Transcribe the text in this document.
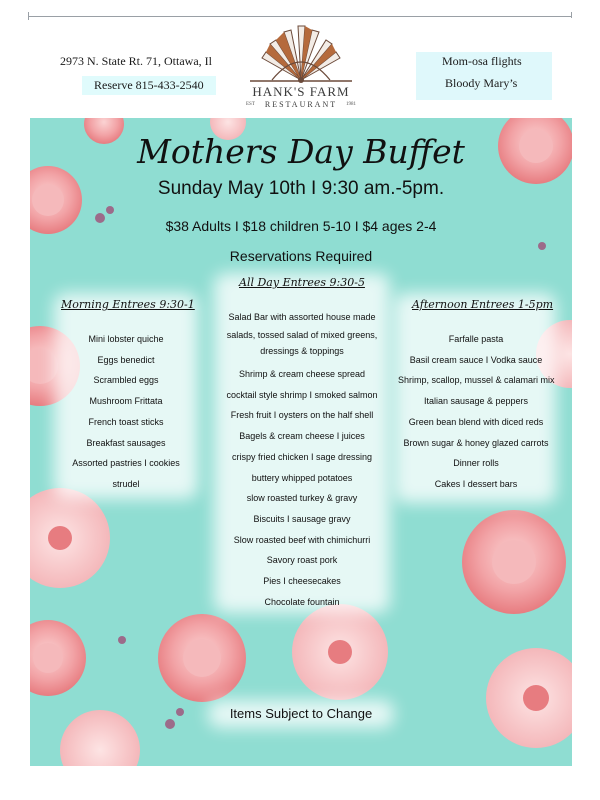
2973 N. State Rt. 71, Ottawa, Il
Reserve 815-433-2540	HANK'S FARM
EST	RESTAURANT	1981
Mom-osa flights
Bloody Mary’s
Mothers Day Buffet
Sunday May 10th I 9:30 am.-5pm.
$38 Adults I $18 children 5-10 I $4 ages 2-4
Reservations Required
All Day Entrees 9:30-5
Salad Bar with assorted house made
salads, tossed salad of mixed greens,
dressings & toppings
Shrimp & cream cheese spread
cocktail style shrimp I smoked salmon
Fresh fruit I oysters on the half shell
Bagels & cream cheese I juices
crispy fried chicken I sage dressing
buttery whipped potatoes
slow roasted turkey & gravy
Biscuits I sausage gravy
Slow roasted beef with chimichurri
Savory roast pork
Pies I cheesecakes
Chocolate fountain
Morning Entrees 9:30-1
Mini lobster quiche
Eggs benedict
Scrambled eggs
Mushroom Frittata
French toast sticks
Breakfast sausages
Assorted pastries I cookies
strudel
Afternoon Entrees 1-5pm
Farfalle pasta
Basil cream sauce I Vodka sauce
Shrimp, scallop, mussel & calamari mix
Italian sausage & peppers
Green bean blend with diced reds
Brown sugar & honey glazed carrots
Dinner rolls
Cakes I dessert bars
Items Subject to Change
